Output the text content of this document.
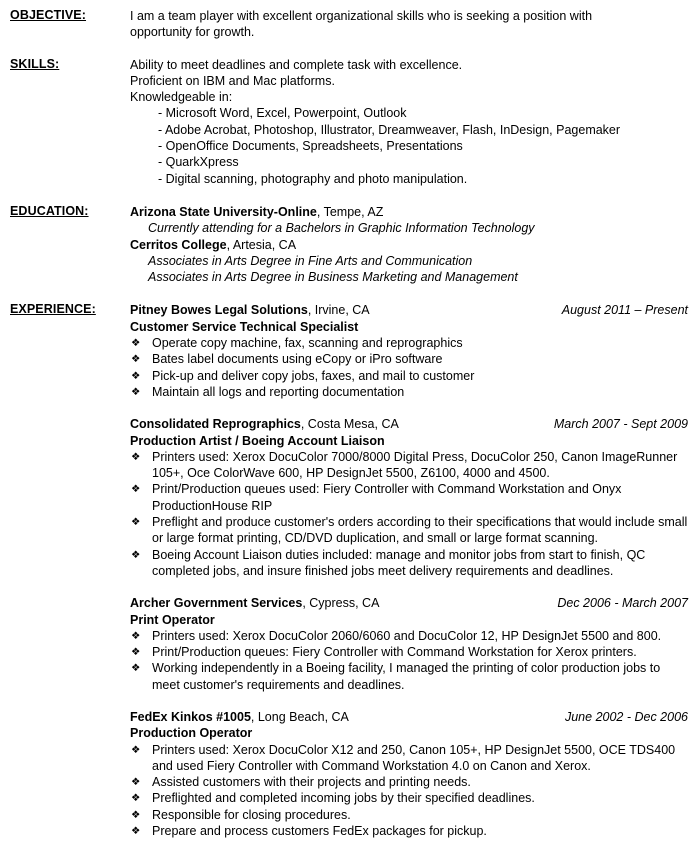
OBJECTIVE:	I am a team player with excellent organizational skills who is seeking a position with
opportunity for growth.
SKILLS:	Ability to meet deadlines and complete task with excellence.
Proficient on IBM and Mac platforms.
Knowledgeable in:
- Microsoft Word, Excel, Powerpoint, Outlook
- Adobe Acrobat, Photoshop, Illustrator, Dreamweaver, Flash, InDesign, Pagemaker
- OpenOffice Documents, Spreadsheets, Presentations
- QuarkXpress
- Digital scanning, photography and photo manipulation.
EDUCATION:	Arizona State University-Online, Tempe, AZ
Currently attending for a Bachelors in Graphic Information Technology
Cerritos College, Artesia, CA
Associates in Arts Degree in Fine Arts and Communication
Associates in Arts Degree in Business Marketing and Management
EXPERIENCE:	Pitney Bowes Legal Solutions, Irvine, CA	August 2011 – Present
Customer Service Technical Specialist
❖ Operate copy machine, fax, scanning and reprographics
❖ Bates label documents using eCopy or iPro software
❖ Pick-up and deliver copy jobs, faxes, and mail to customer
❖ Maintain all logs and reporting documentation
Consolidated Reprographics, Costa Mesa, CA	March 2007 - Sept 2009
Production Artist / Boeing Account Liaison
❖ Printers used: Xerox DocuColor 7000/8000 Digital Press, DocuColor 250, Canon ImageRunner 105+, Oce ColorWave 600, HP DesignJet 5500, Z6100, 4000 and 4500.
❖ Print/Production queues used: Fiery Controller with Command Workstation and Onyx ProductionHouse RIP
❖ Preflight and produce customer's orders according to their specifications that would include small or large format printing, CD/DVD duplication, and small or large format scanning.
❖ Boeing Account Liaison duties included: manage and monitor jobs from start to finish, QC completed jobs, and insure finished jobs meet delivery requirements and deadlines.
Archer Government Services, Cypress, CA	Dec 2006 - March 2007
Print Operator
❖ Printers used: Xerox DocuColor 2060/6060 and DocuColor 12, HP DesignJet 5500 and 800.
❖ Print/Production queues: Fiery Controller with Command Workstation for Xerox printers.
❖ Working independently in a Boeing facility, I managed the printing of color production jobs to meet customer's requirements and deadlines.
FedEx Kinkos #1005, Long Beach, CA	June 2002 - Dec 2006
Production Operator
❖ Printers used: Xerox DocuColor X12 and 250, Canon 105+, HP DesignJet 5500, OCE TDS400 and used Fiery Controller with Command Workstation 4.0 on Canon and Xerox.
❖ Assisted customers with their projects and printing needs.
❖ Preflighted and completed incoming jobs by their specified deadlines.
❖ Responsible for closing procedures.
❖ Prepare and process customers FedEx packages for pickup.
